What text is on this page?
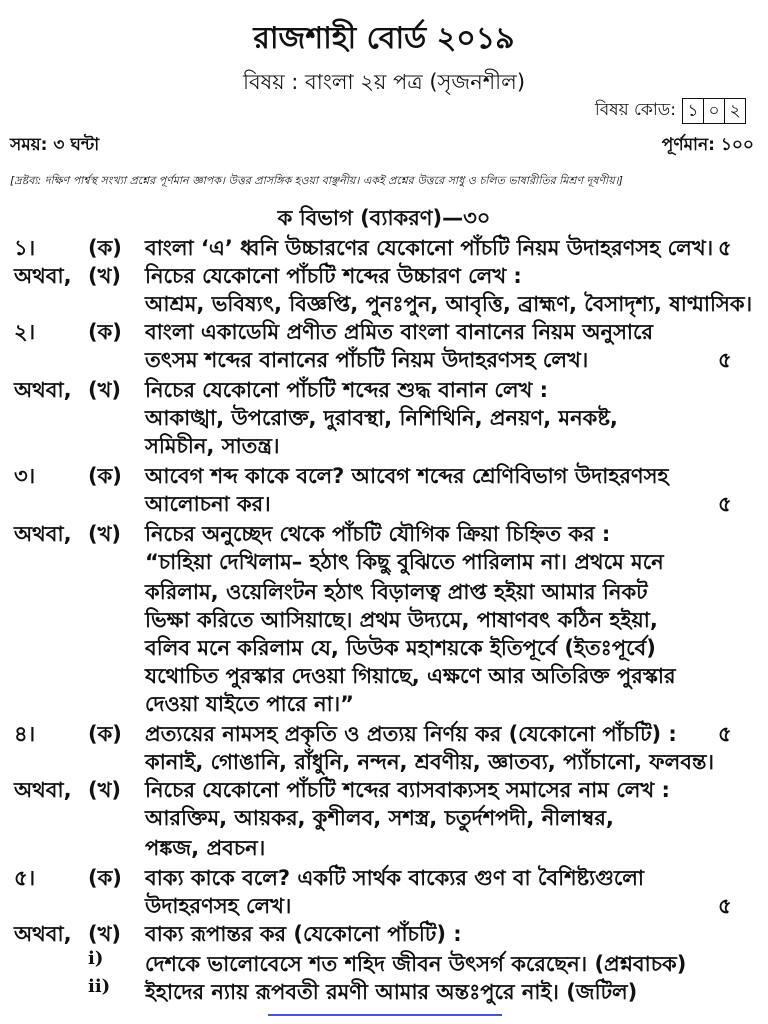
রাজশাহী বোর্ড ২০১৯
বিষয় : বাংলা ২য় পত্র (সৃজনশীল)
বিষয় কোড: ১ ০ ২
সময়: ৩ ঘন্টা	পূর্ণমান: ১০০
[দ্রষ্টব্য: দক্ষিণ পার্শ্বস্থ সংখ্যা প্রশ্নের পূর্ণমান জ্ঞাপক। উত্তর প্রাসঙ্গিক হওয়া বাঞ্ছনীয়। একই প্রশ্নের উত্তরে সাধু ও চলিত ভাষারীতির মিশ্রণ দূষণীয়।]
ক বিভাগ (ব্যাকরণ)—৩০
১।	(ক) বাংলা ‘এ’ ধ্বনি উচ্চারণের যেকোনো পাঁচটি নিয়ম উদাহরণসহ লেখ। ৫
অথবা, (খ) নিচের যেকোনো পাঁচটি শব্দের উচ্চারণ লেখ :
আশ্রম, ভবিষ্যৎ, বিজ্ঞপ্তি, পুনঃপুন, আবৃত্তি, ব্রাহ্মণ, বৈসাদৃশ্য, ষাণ্মাসিক।
২।	(ক) বাংলা একাডেমি প্রণীত প্রমিত বাংলা বানানের নিয়ম অনুসারে
তৎসম শব্দের বানানের পাঁচটি নিয়ম উদাহরণসহ লেখ।	৫
অথবা, (খ) নিচের যেকোনো পাঁচটি শব্দের শুদ্ধ বানান লেখ :
আকাঙ্খা, উপরোক্ত, দুরাবস্থা, নিশিথিনি, প্রনয়ণ, মনকষ্ট,
সমিচীন, সাতন্ত্র।
৩।	(ক) আবেগ শব্দ কাকে বলে? আবেগ শব্দের শ্রেণিবিভাগ উদাহরণসহ
আলোচনা কর।	৫
অথবা, (খ) নিচের অনুচ্ছেদ থেকে পাঁচটি যৌগিক ক্রিয়া চিহ্নিত কর :
“চাহিয়া দেখিলাম– হঠাৎ কিছু বুঝিতে পারিলাম না। প্রথমে মনে
করিলাম, ওয়েলিংটন হঠাৎ বিড়ালত্ব প্রাপ্ত হইয়া আমার নিকট
ভিক্ষা করিতে আসিয়াছে। প্রথম উদ্যমে, পাষাণবৎ কঠিন হইয়া,
বলিব মনে করিলাম যে, ডিউক মহাশয়কে ইতিপূর্বে (ইতঃপূর্বে)
যথোচিত পুরস্কার দেওয়া গিয়াছে, এক্ষণে আর অতিরিক্ত পুরস্কার
দেওয়া যাইতে পারে না।”
৪।	(ক) প্রত্যয়ের নামসহ প্রকৃতি ও প্রত্যয় নির্ণয় কর (যেকোনো পাঁচটি) : ৫
কানাই, গোঙানি, রাঁধুনি, নন্দন, শ্রবণীয়, জ্ঞাতব্য, প্যাঁচানো, ফলবন্ত।
অথবা, (খ) নিচের যেকোনো পাঁচটি শব্দের ব্যাসবাক্যসহ সমাসের নাম লেখ :
আরক্তিম, আয়কর, কুশীলব, সশস্ত্র, চতুর্দশপদী, নীলাম্বর,
পঙ্কজ, প্রবচন।
৫।	(ক) বাক্য কাকে বলে? একটি সার্থক বাক্যের গুণ বা বৈশিষ্ট্যগুলো
উদাহরণসহ লেখ।	৫
অথবা, (খ) বাক্য রূপান্তর কর (যেকোনো পাঁচটি) :
i) দেশকে ভালোবেসে শত শহিদ জীবন উৎসর্গ করেছেন। (প্রশ্নবাচক)
ii) ইহাদের ন্যায় রূপবতী রমণী আমার অন্তঃপুরে নাই। (জটিল)
